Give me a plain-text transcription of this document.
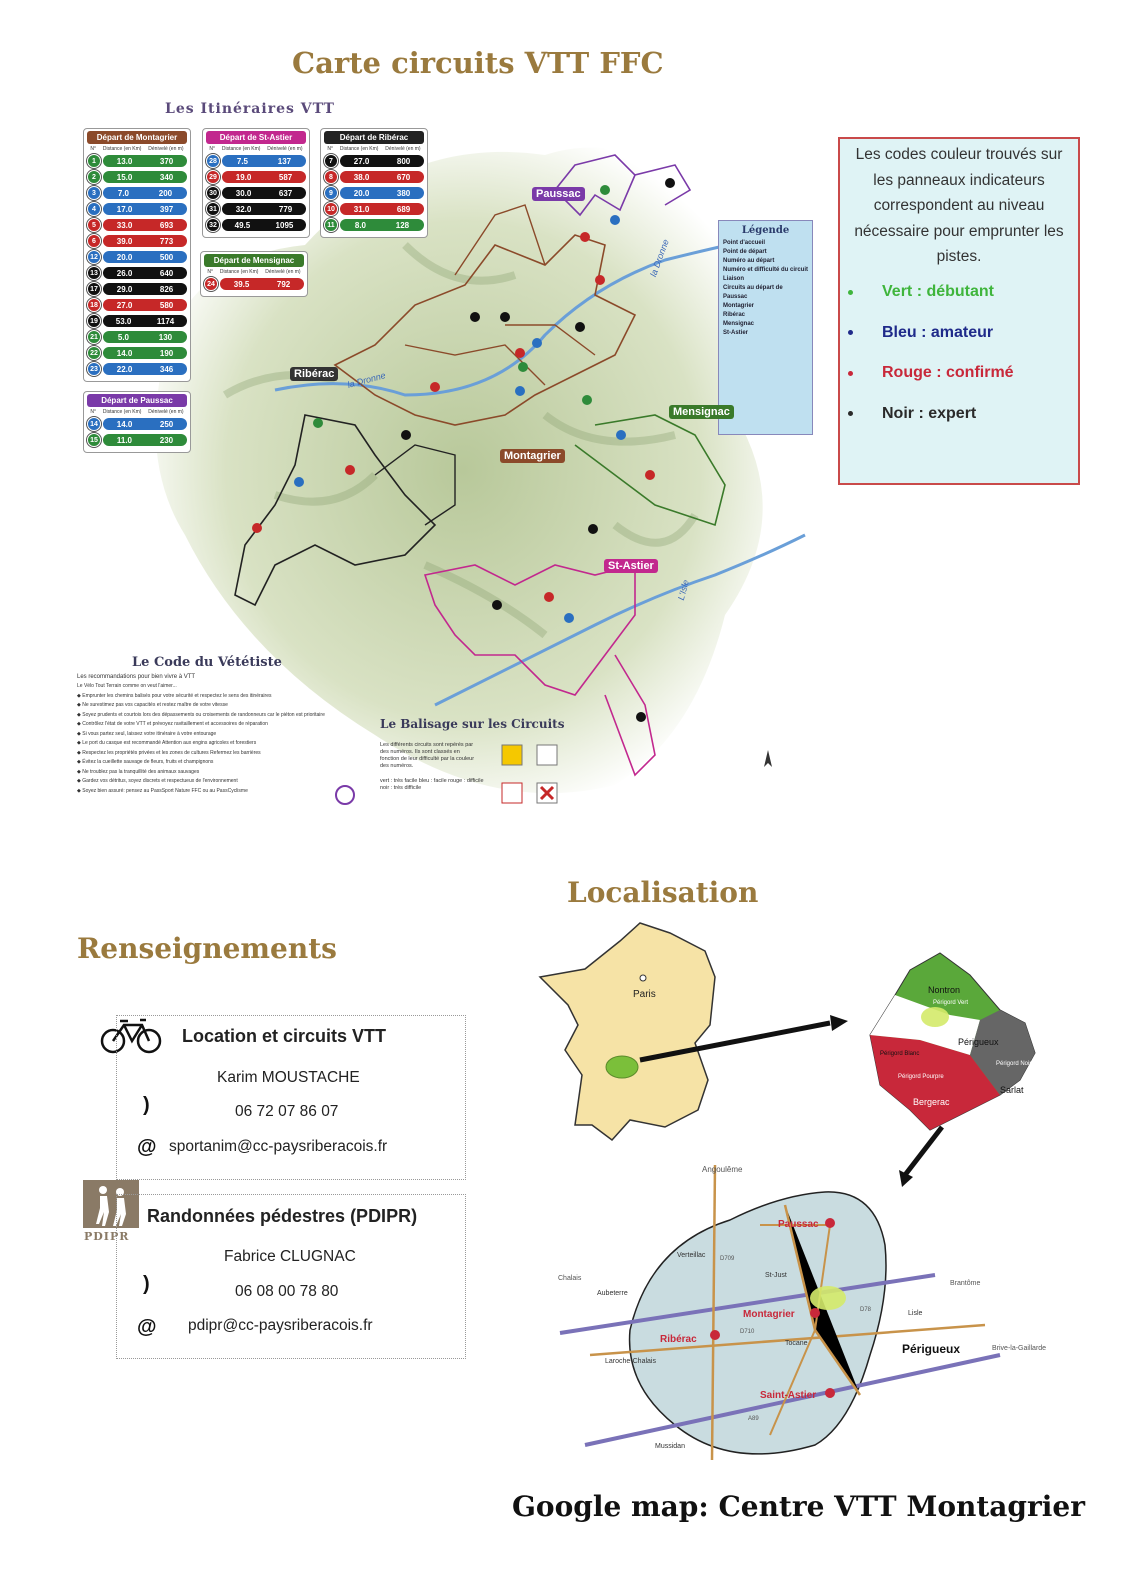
Carte circuits VTT FFC
Les Itinéraires VTT
Départ de Montagrier
N° Distance (en Km) Dénivelé (en m)
1	13.0	370
2	15.0	340
3	7.0	200
4	17.0	397
5	33.0	693
6	39.0	773
12	20.0	500
13	26.0	640
17	29.0	826
18	27.0	580
19	53.0	1174
21	5.0	130
22	14.0	190
23	22.0	346
Départ de St-Astier
N° Distance (en Km) Dénivelé (en m)
28	7.5	137
29	19.0	587
30	30.0	637
31	32.0	779
32	49.5	1095
Départ de Ribérac
N° Distance (en Km) Dénivelé (en m)
7	27.0	800
8	38.0	670
9	20.0	380
10	31.0	689
11	8.0	128
Départ de Mensignac
N° Distance (en Km) Dénivelé (en m)
24	39.5	792
Départ de Paussac
N° Distance (en Km) Dénivelé (en m)
14	14.0	250
15	11.0	230
Légende
Point d'accueil
Point de départ
Numéro au départ
Numéro et difficulté du circuit
Liaison
Circuits au départ de
Paussac
Montagrier
Ribérac
Mensignac
St-Astier
Paussac
Ribérac
Montagrier
Mensignac
St-Astier
la Dronne
la Dronne
L'Isle
Le Code du Vététiste
Les recommandations pour bien vivre à VTT
Le Vélo Tout Terrain comme on veut l'aimer...
◆ Emprunter les chemins balisés pour votre sécurité et respectez le sens des itinéraires
◆ Ne surestimez pas vos capacités et restez maître de votre vitesse
◆ Soyez prudents et courtois lors des dépassements ou croisements de randonneurs car le piéton est prioritaire
◆ Contrôlez l'état de votre VTT et prévoyez ravitaillement et accessoires de réparation
◆ Si vous partez seul, laissez votre itinéraire à votre entourage
◆ Le port du casque est recommandé Attention aux engins agricoles et forestiers
◆ Respectez les propriétés privées et les zones de cultures Refermez les barrières
◆ Évitez la cueillette sauvage de fleurs, fruits et champignons
◆ Ne troublez pas la tranquillité des animaux sauvages
◆ Gardez vos détritus, soyez discrets et respectueux de l'environnement
◆ Soyez bien assuré: pensez au PassSport Nature FFC ou au PassCyclisme
Le Balisage sur les Circuits
Les différents circuits sont repérés par des numéros. Ils sont classés en fonction de leur difficulté par la couleur des numéros.
vert : très facile bleu : facile rouge : difficile noir : très difficile

Les codes couleur trouvés sur les panneaux indicateurs correspondent au niveau nécessaire pour emprunter les pistes.

Vert : débutant
Bleu : amateur
Rouge : confirmé
Noir : expert
Localisation
Paris	Nontron
Périgord Vert
Périgueux
Périgord Blanc
Périgord Noir
Sarlat
Périgord Pourpre
Bergerac
Angoulême
Paussac
Verteillac
St-Just
Chalais
Aubeterre
Montagrier
Brantôme
Lisle
Ribérac	Tocane	Périgueux	Brive-la-Gaillarde
Laroche-Chalais
Saint-Astier
Mussidan
D710
D78
D709
A89
Renseignements
Location et circuits VTT
Karim MOUSTACHE
)	06 72 07 86 07
@ sportanim@cc-paysriberacois.fr
PDIPR
Randonnées pédestres (PDIPR)
Fabrice CLUGNAC
)	06 08 00 78 80
@ pdipr@cc-paysriberacois.fr
Google map: Centre VTT Montagrier
